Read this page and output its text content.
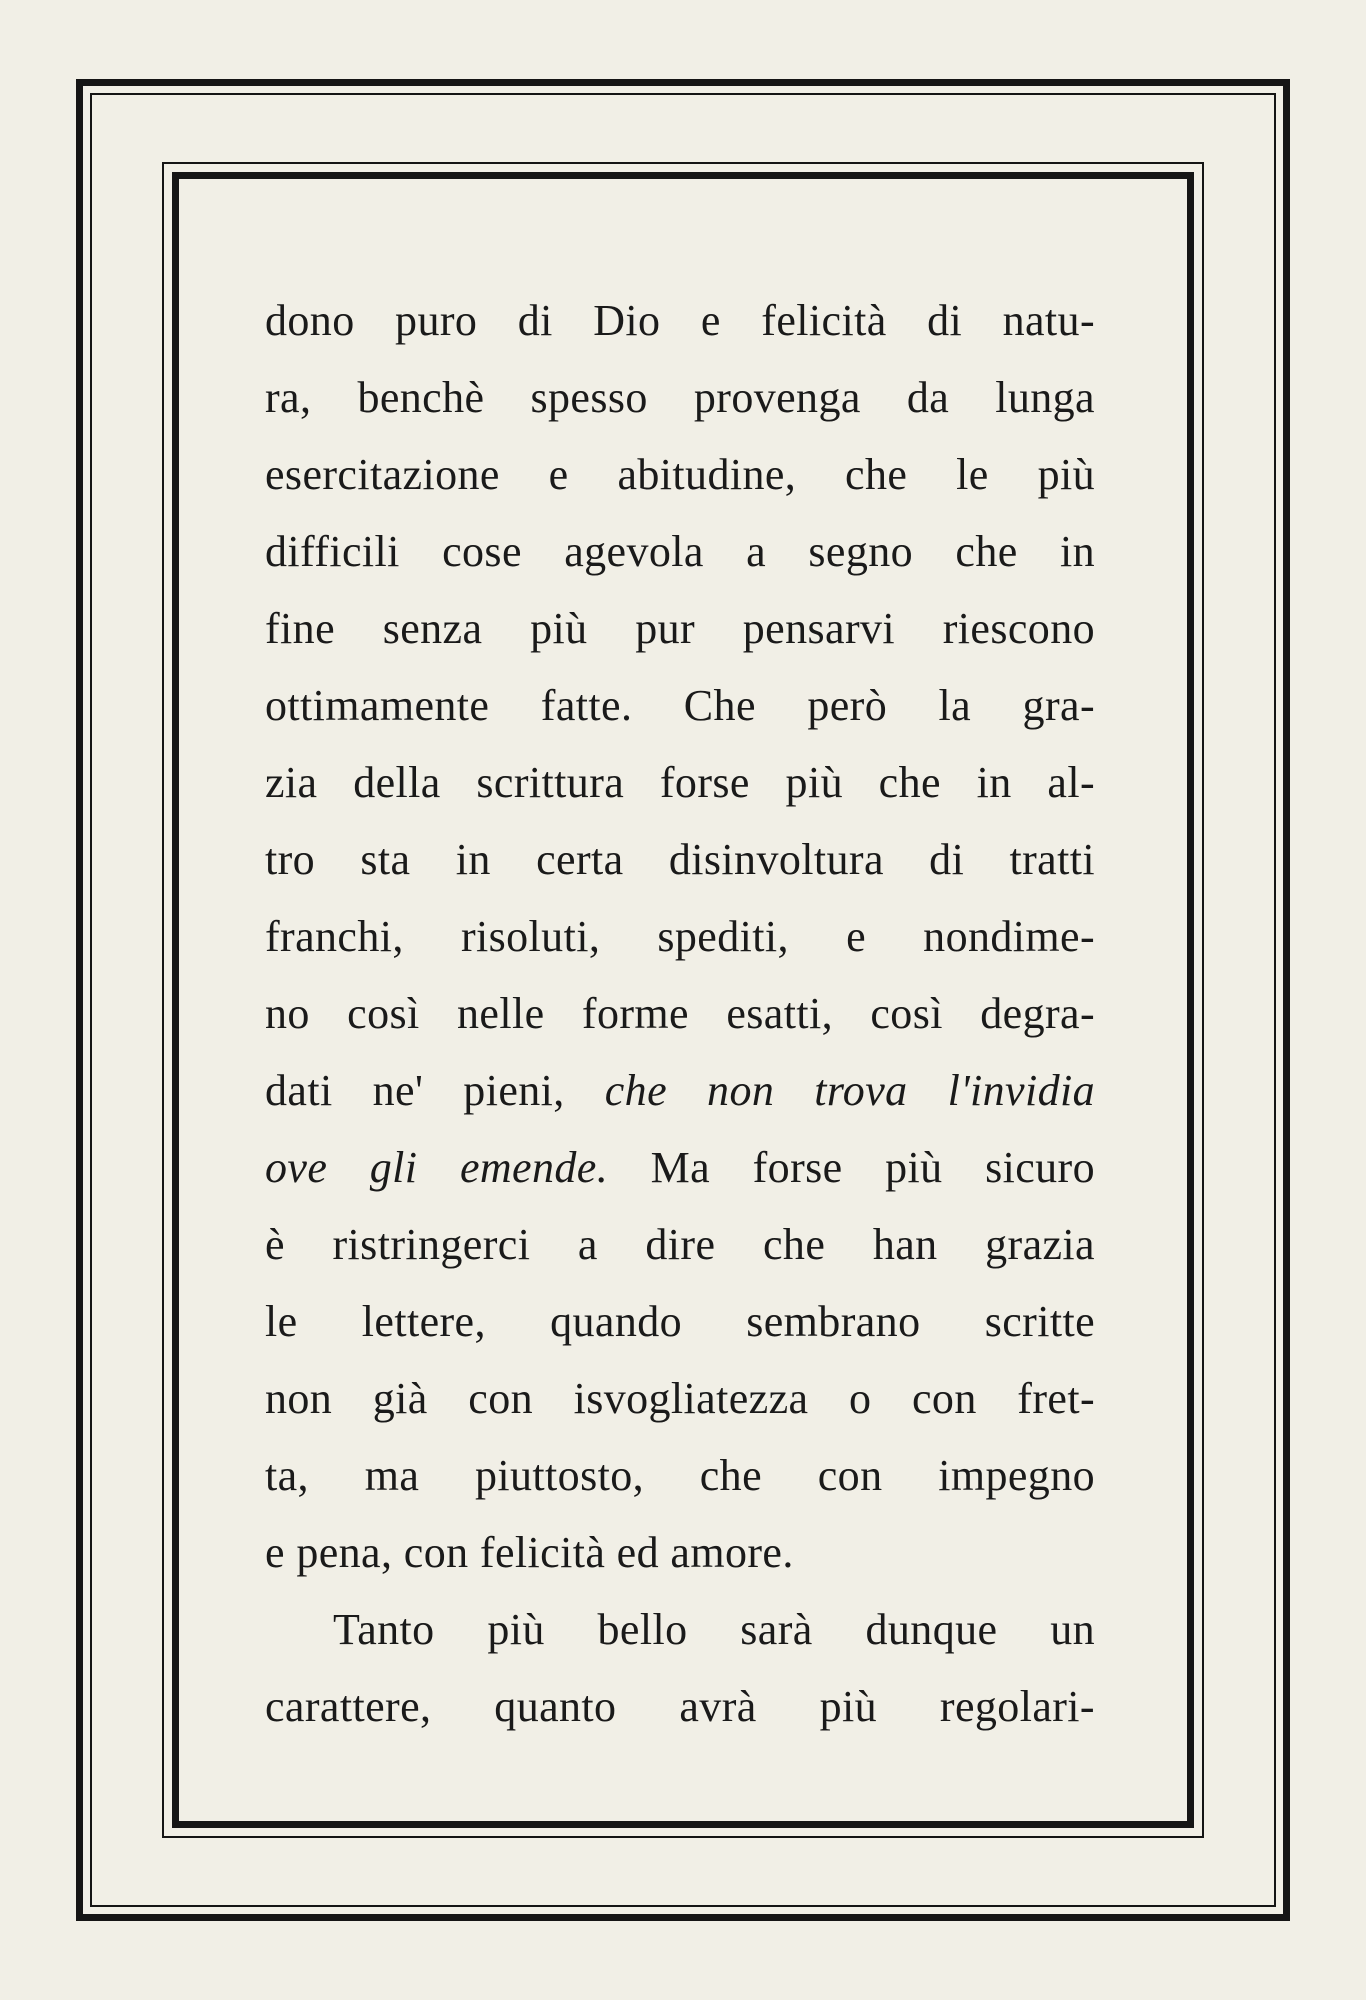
dono puro di Dio e felicità di natu-
ra, benchè spesso provenga da lunga
esercitazione e abitudine, che le più
difficili cose agevola a segno che in
fine senza più pur pensarvi riescono
ottimamente fatte. Che però la gra-
zia della scrittura forse più che in al-
tro sta in certa disinvoltura di tratti
franchi, risoluti, spediti, e nondime-
no così nelle forme esatti, così degra-
dati ne' pieni, che non trova l'invidia
ove gli emende. Ma forse più sicuro
è ristringerci a dire che han grazia
le lettere, quando sembrano scritte
non già con isvogliatezza o con fret-
ta, ma piuttosto, che con impegno
e pena, con felicità ed amore.
Tanto più bello sarà dunque un
carattere, quanto avrà più regolari-
